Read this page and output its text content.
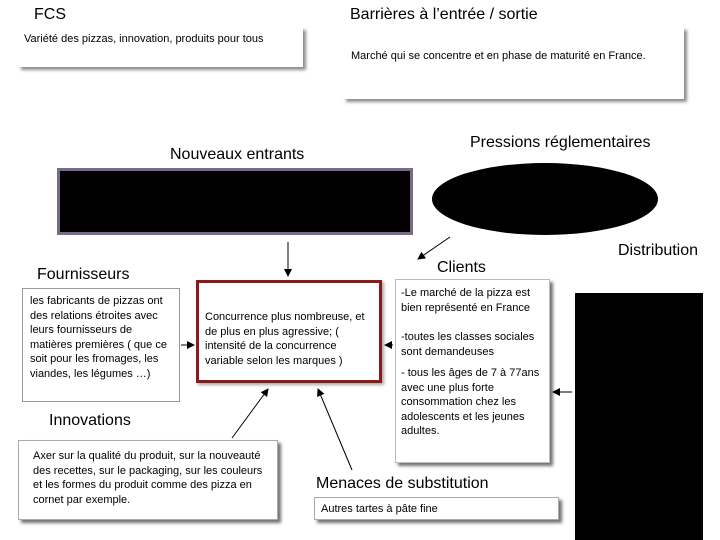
FCS
Variété des pizzas, innovation, produits pour tous
Barrières à l’entrée / sortie
Marché qui se concentre et en phase de maturité en France.
Nouveaux entrants
Pressions réglementaires
Distribution
Clients
-Le marché de la pizza est bien représenté en France
-toutes les classes sociales sont demandeuses
- tous les âges de 7 à 77ans avec une plus forte consommation chez les adolescents et les jeunes adultes.
Fournisseurs
les fabricants de pizzas ont des relations étroites avec leurs fournisseurs de matières premières ( que ce soit pour les fromages, les viandes, les légumes …)
Concurrence plus nombreuse, et de plus en plus agressive; ( intensité de la concurrence variable selon les marques )
Innovations
Axer sur la qualité du produit, sur la nouveauté des recettes, sur le packaging, sur les couleurs et les formes du produit comme des pizza en cornet par exemple.
Menaces de substitution
Autres tartes à pâte fine
